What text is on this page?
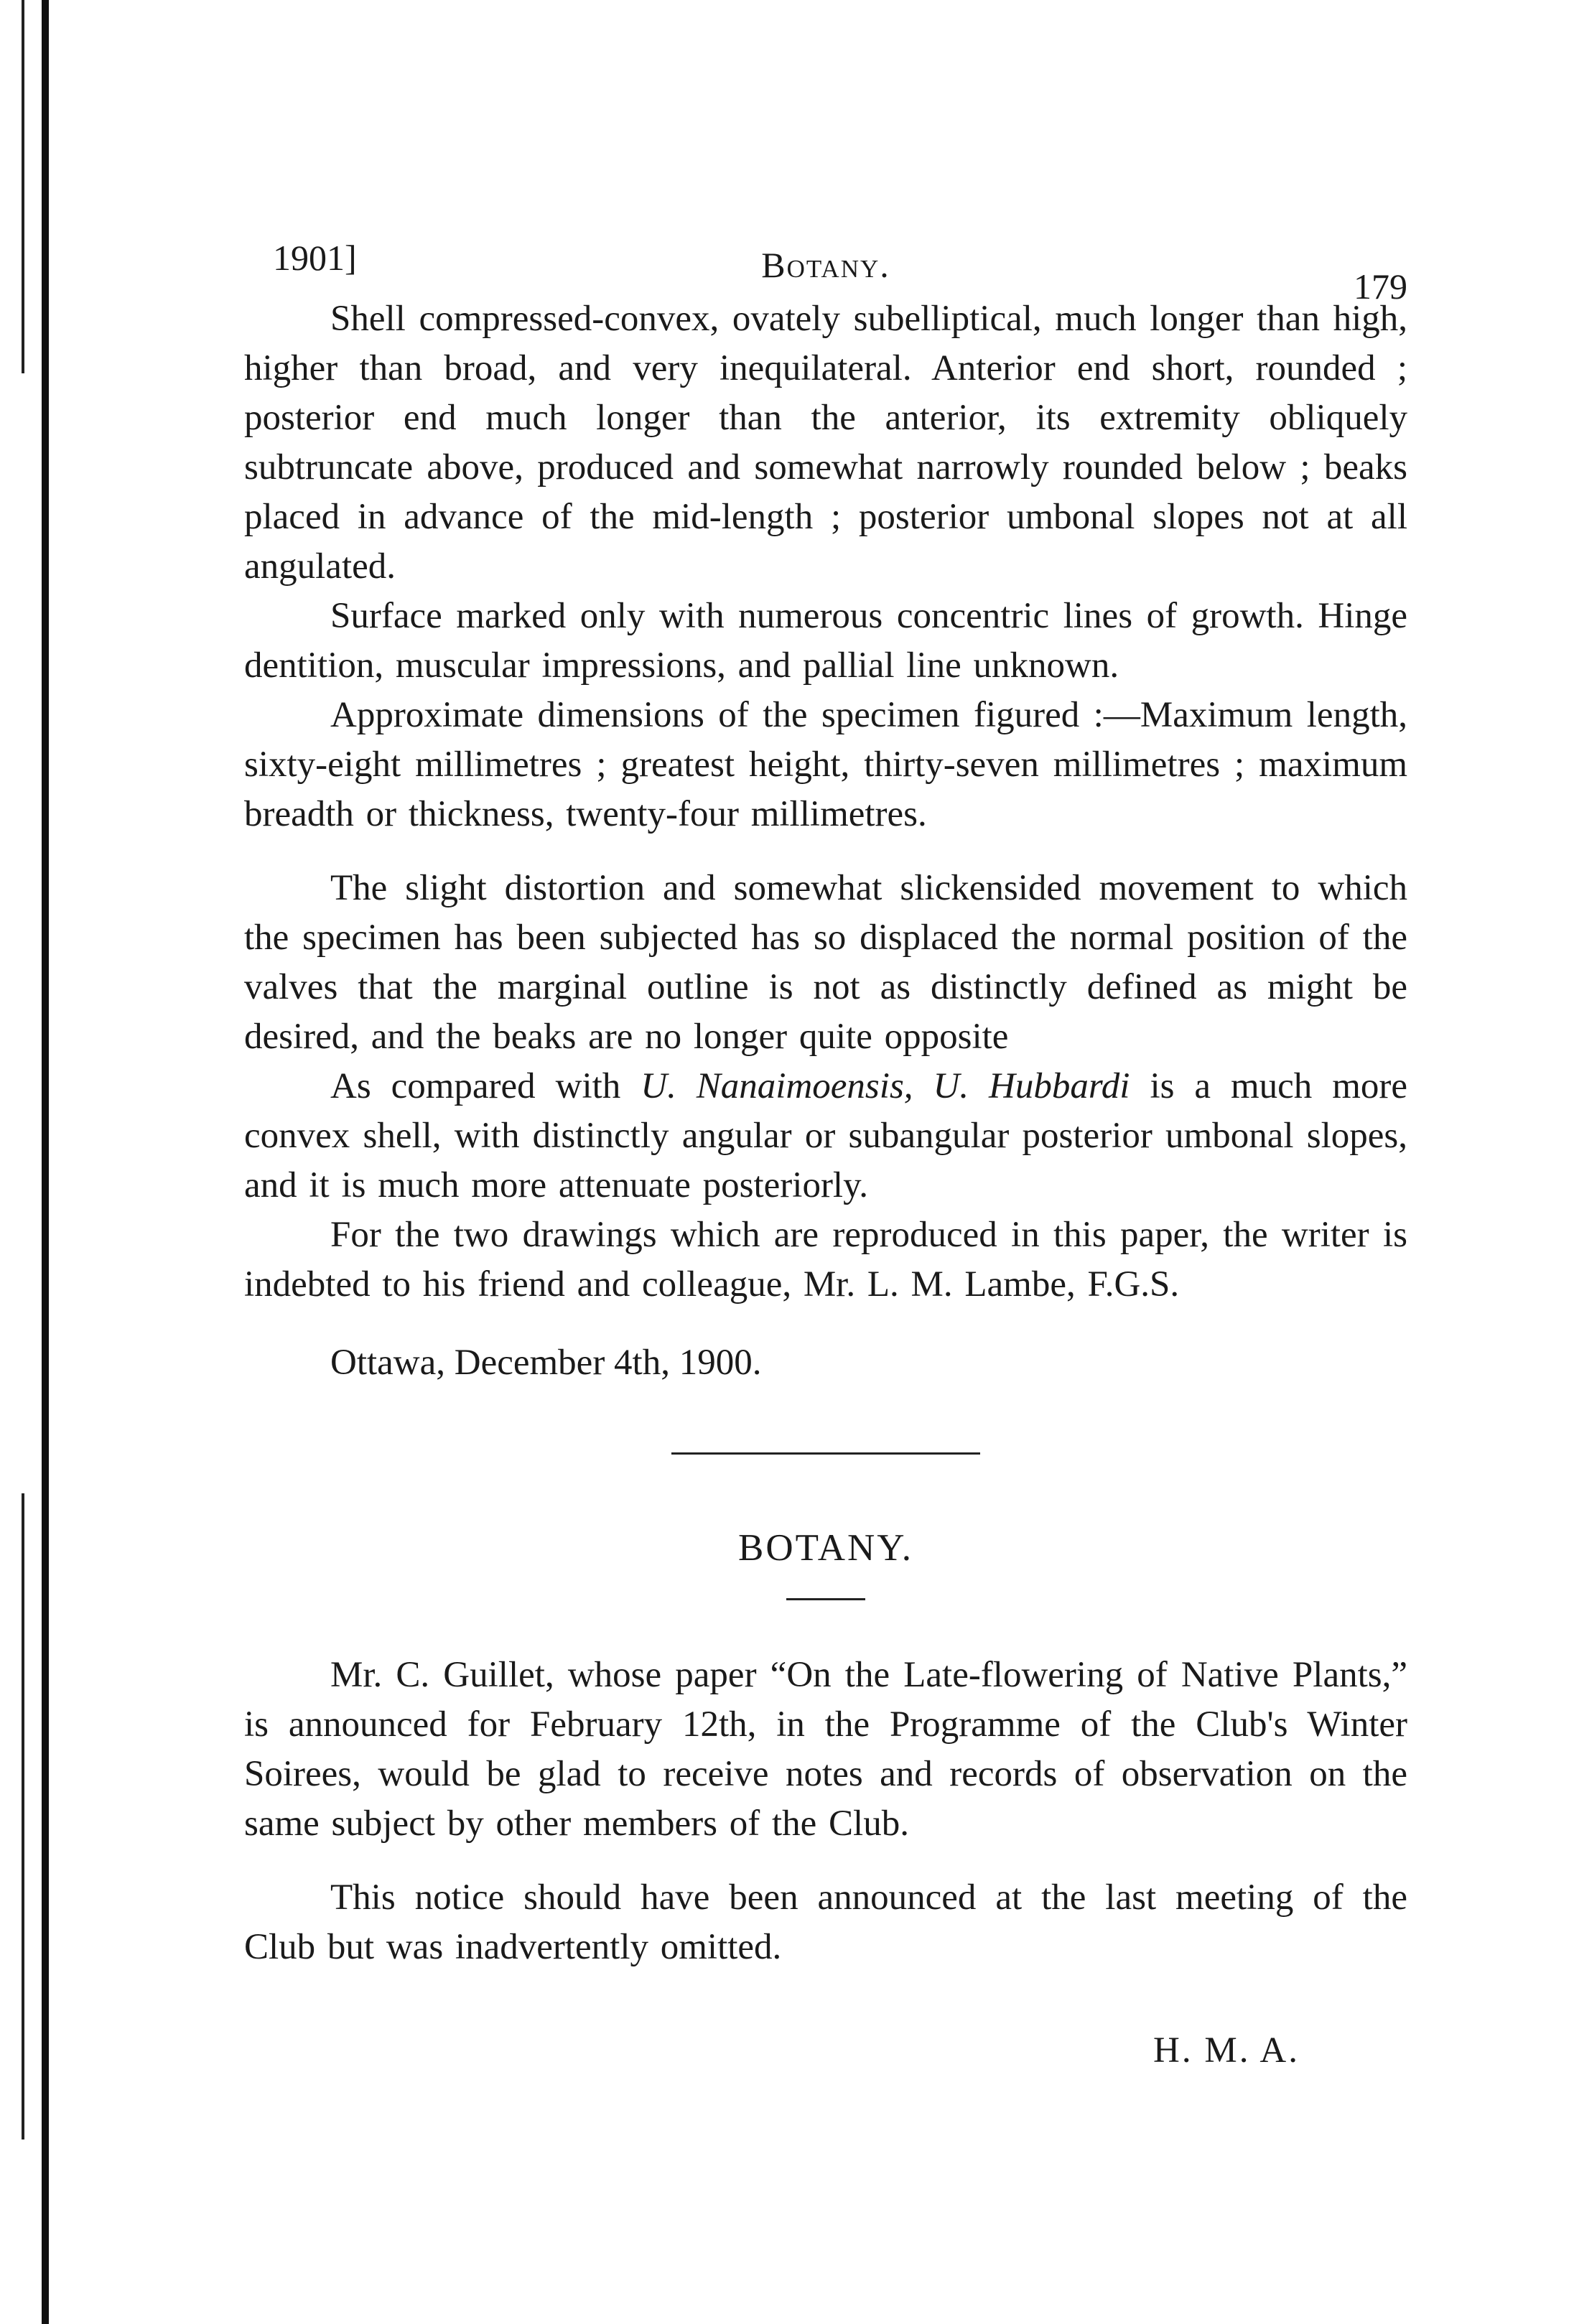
1901]	Botany.
179

Shell compressed-convex, ovately subelliptical, much longer than high, higher than broad, and very inequilateral. Anterior end short, rounded ; posterior end much longer than the anterior, its extremity obliquely subtruncate above, produced and somewhat narrowly rounded below ; beaks placed in advance of the mid-length ; posterior umbonal slopes not at all angulated.

Surface marked only with numerous concentric lines of growth. Hinge dentition, muscular impressions, and pallial line unknown.

Approximate dimensions of the specimen figured :—Maximum length, sixty-eight millimetres ; greatest height, thirty-seven millimetres ; maximum breadth or thickness, twenty-four millimetres.

The slight distortion and somewhat slickensided movement to which the specimen has been subjected has so displaced the normal position of the valves that the marginal outline is not as distinctly defined as might be desired, and the beaks are no longer quite opposite

As compared with U. Nanaimoensis, U. Hubbardi is a much more convex shell, with distinctly angular or subangular posterior umbonal slopes, and it is much more attenuate posteriorly.

For the two drawings which are reproduced in this paper, the writer is indebted to his friend and colleague, Mr. L. M. Lambe, F.G.S.

Ottawa, December 4th, 1900.
BOTANY.

Mr. C. Guillet, whose paper “On the Late-flowering of Native Plants,” is announced for February 12th, in the Programme of the Club's Winter Soirees, would be glad to receive notes and records of observation on the same subject by other members of the Club.

This notice should have been announced at the last meeting of the Club but was inadvertently omitted.

H. M. A.
